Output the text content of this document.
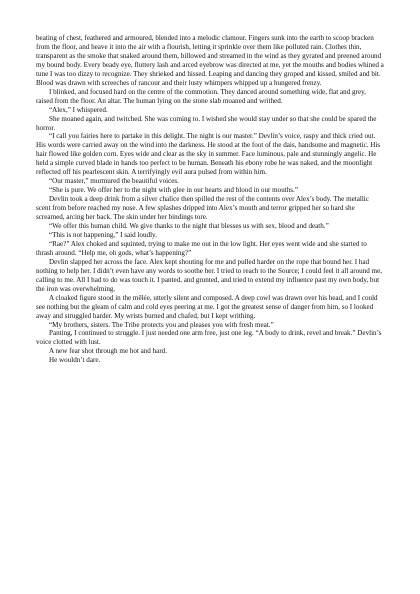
beating of chest, feathered and armoured, blended into a melodic clamour. Fingers sunk into the earth to scoop bracken from the floor, and heave it into the air with a flourish, letting it sprinkle over them like polluted rain. Clothes thin, transparent as the smoke that snaked around them, billowed and streamed in the wind as they gyrated and preened around my bound body. Every beady eye, fluttery lash and arced eyebrow was directed at me, yet the mouths and bodies whined a tune I was too dizzy to recognize. They shrieked and hissed. Leaping and dancing they groped and kissed, smiled and bit. Blood was drawn with screeches of rancour and their lusty whimpers whipped up a hungered frenzy.

I blinked, and focused hard on the centre of the commotion. They danced around something wide, flat and grey, raised from the floor. An altar. The human lying on the stone slab moaned and writhed.

“Alex,” I whispered.

She moaned again, and twitched. She was coming to. I wished she would stay under so that she could be spared the horror.

“I call you fairies here to partake in this delight. The night is our master.” Devlin’s voice, raspy and thick cried out. His words were carried away on the wind into the darkness. He stood at the foot of the dais, handsome and magnetic. His hair flowed like golden corn. Eyes wide and clear as the sky in summer. Face luminous, pale and stunningly angelic. He held a simple curved blade in hands too perfect to be human. Beneath his ebony robe he was naked, and the moonlight reflected off his pearlescent skin. A terrifyingly evil aura pulsed from within him.

“Our master,” murmured the beautiful voices.

“She is pure. We offer her to the night with glee in our hearts and blood in our mouths.”

Devlin took a deep drink from a silver chalice then spilled the rest of the contents over Alex’s body. The metallic scent from before reached my nose. A few splashes dripped into Alex’s mouth and terror gripped her so hard she screamed, arcing her back. The skin under her bindings tore.

“We offer this human child. We give thanks to the night that blesses us with sex, blood and death.”

“This is not happening,” I said loudly.

“Rae?” Alex choked and squinted, trying to make me out in the low light. Her eyes went wide and she started to thrash around. “Help me, oh gods, what’s happening?”

Devlin slapped her across the face. Alex kept shouting for me and pulled harder on the rope that bound her. I had nothing to help her. I didn’t even have any words to soothe her. I tried to reach to the Source; I could feel it all around me, calling to me. All I had to do was touch it. I panted, and grunted, and tried to extend my influence past my own body, but the iron was overwhelming.

A cloaked figure stood in the mêlée, utterly silent and composed. A deep cowl was drawn over his head, and I could see nothing but the gleam of calm and cold eyes peering at me. I got the greatest sense of danger from him, so I looked away and struggled harder. My wrists burned and chafed, but I kept writhing.

“My brothers, sisters. The Tribe protects you and pleases you with fresh meat.”

Panting, I continued to struggle. I just needed one arm free, just one leg. “A body to drink, revel and break.” Devlin’s voice clotted with lust.

A new fear shot through me hot and hard.

He wouldn’t dare.
